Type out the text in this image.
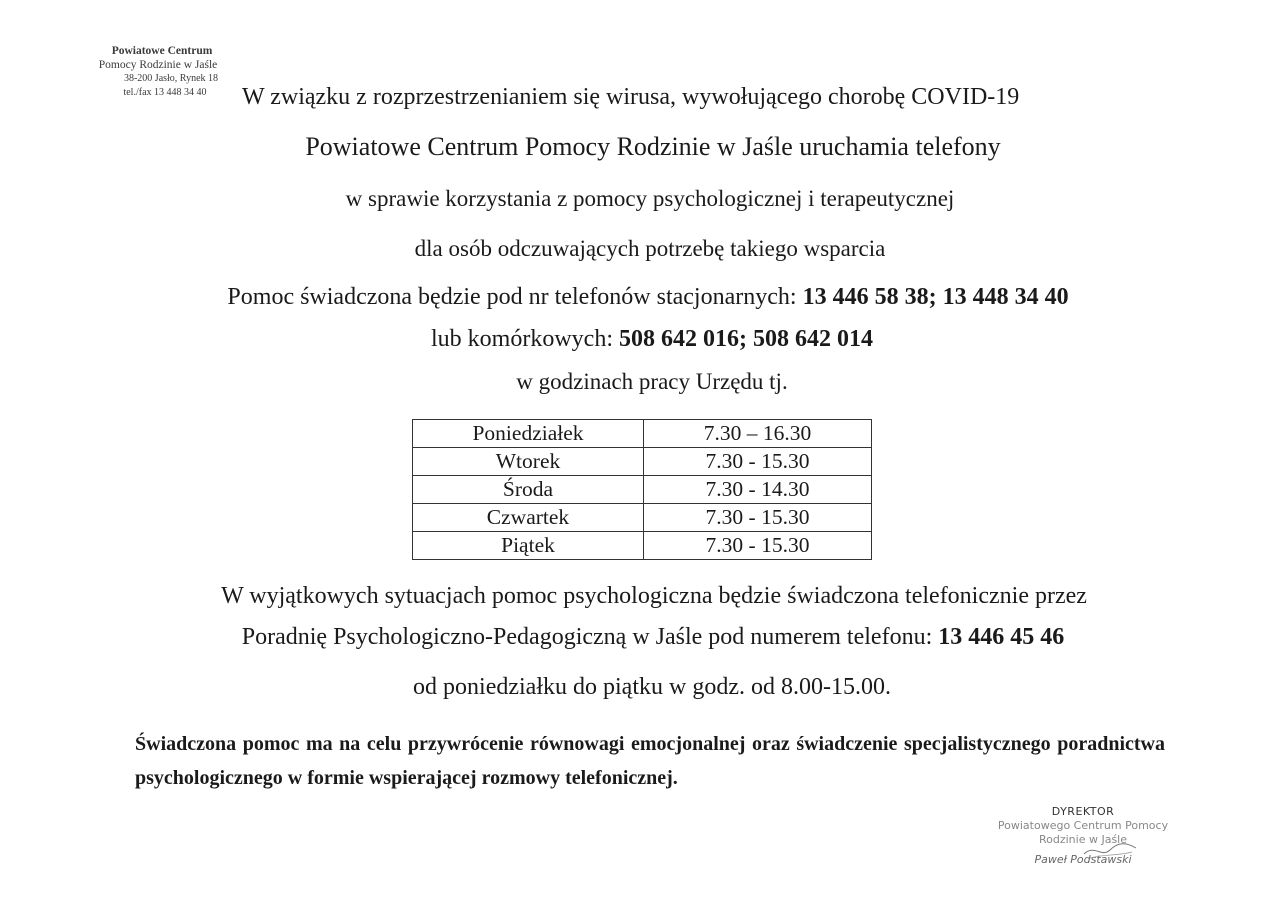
Powiatowe Centrum
Pomocy Rodzinie w Jaśle
38-200 Jasło, Rynek 18
tel./fax 13 448 34 40	W związku z rozprzestrzenianiem się wirusa, wywołującego chorobę COVID-19
Powiatowe Centrum Pomocy Rodzinie w Jaśle uruchamia telefony
w sprawie korzystania z pomocy psychologicznej i terapeutycznej
dla osób odczuwających potrzebę takiego wsparcia
Pomoc świadczona będzie pod nr telefonów stacjonarnych: 13 446 58 38; 13 448 34 40
lub komórkowych: 508 642 016; 508 642 014
w godzinach pracy Urzędu tj.
Poniedziałek	7.30 – 16.30
Wtorek	7.30 - 15.30
Środa	7.30 - 14.30
Czwartek	7.30 - 15.30
Piątek	7.30 - 15.30
W wyjątkowych sytuacjach pomoc psychologiczna będzie świadczona telefonicznie przez
Poradnię Psychologiczno-Pedagogiczną w Jaśle pod numerem telefonu: 13 446 45 46
od poniedziałku do piątku w godz. od 8.00-15.00.
Świadczona pomoc ma na celu przywrócenie równowagi emocjonalnej oraz świadczenie specjalistycznego poradnictwa psychologicznego w formie wspierającej rozmowy telefonicznej.
DYREKTOR
Powiatowego Centrum Pomocy
Rodzinie w Jaśle
Paweł Podstawski
